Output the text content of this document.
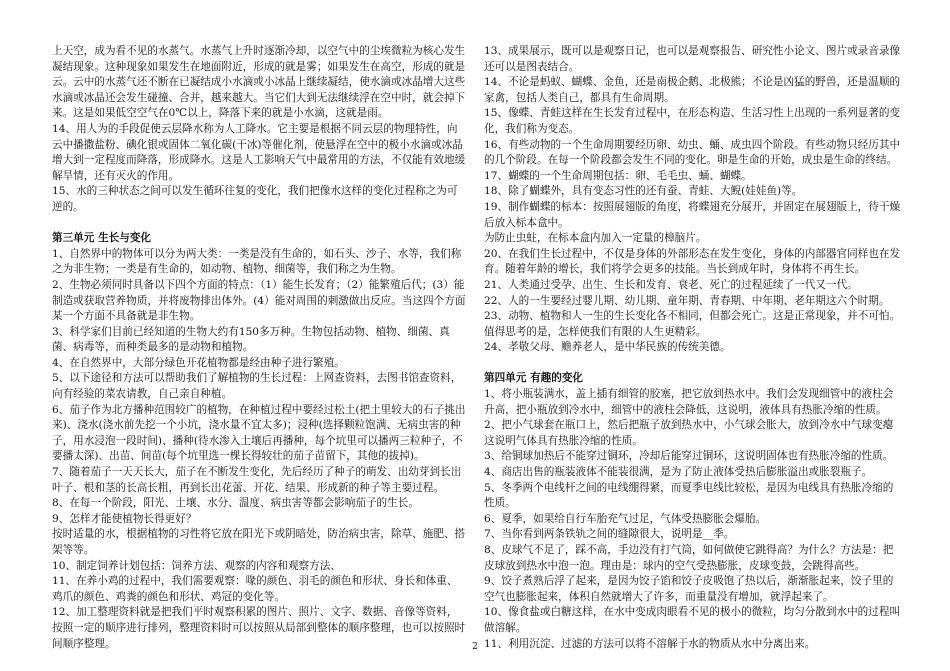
上天空，成为看不见的水蒸气。水蒸气上升时逐渐冷却，以空气中的尘埃微粒为核心发生凝结现象。这种现象如果发生在地面附近，形成的就是雾；如果发生在高空，形成的就是云。云中的水蒸气还不断在已凝结成小水滴或小冰晶上继续凝结，使水滴或冰晶增大这些水滴或冰晶还会发生碰撞、合并，越来越大。当它们大到无法继续浮在空中时，就会掉下来。这是如果低空空气在0℃以上，降落下来的就是小水滴，这就是雨。

14、用人为的手段促使云层降水称为人工降水。它主要是根据不同云层的物理特性，向云中播撒盐粉、碘化银或固体二氧化碳(干冰)等催化剂，使悬浮在空中的极小水滴或冰晶增大到一定程度而降落，形成降水。这是人工影响天气中最常用的方法，不仅能有效地缓解旱情，还有灭火的作用。

15、水的三种状态之间可以发生循环往复的变化，我们把像水这样的变化过程称之为可逆的。

第三单元 生长与变化

1、自然界中的物体可以分为两大类：一类是没有生命的，如石头、沙子、水等，我们称之为非生物；一类是有生命的，如动物、植物、细菌等，我们称之为生物。

2、生物必须同时具备以下四个方面的特点：（1）能生长发育；（2）能繁殖后代；(3）能制造或获取营养物质，并将废物排出体外。(4）能对周围的刺激做出反应。当这四个方面某一个方面不具备就是非生物。

3、科学家们目前已经知道的生物大约有150多万种。生物包括动物、植物、细菌、真菌、病毒等，而种类最多的是动物和植物。

4、在自然界中，大部分绿色开花植物都是经由种子进行繁殖。

5、以下途径和方法可以帮助我们了解植物的生长过程：上网查资料，去图书馆查资料，向有经验的菜农请教，自己亲自种植。

6、茄子作为北方播种范围较广的植物，在种植过程中要经过松土(把土里较大的石子挑出来)、浇水(浇水前先挖一个小坑，浇水量不宜太多)；浸种(选择颗粒饱满、无病虫害的种子，用水浸泡一段时间)、播种(待水渗入土壤后再播种，每个坑里可以播两三粒种子，不要播太深)、出苗、间苗(每个坑里选一棵长得较壮的茄子苗留下，其他的拔掉)。

7、随着茄子一天天长大，茄子在不断发生变化，先后经历了种子的萌发、出幼芽到长出叶子、根和茎的长高长粗，再到长出花蕾、开花、结果、形成新的种子等主要过程。

8、在每一个阶段，阳光、土壤、水分、温度、病虫害等都会影响茄子的生长。

9、怎样才能使植物长得更好？

按时适量的水，根据植物的习性将它放在阳光下或阴暗处，防治病虫害，除草、施肥、搭架等等。

10、制定饲养计划包括：饲养方法、观察的内容和观察方法、

11、在养小鸡的过程中，我们需要观察：喙的颜色、羽毛的颜色和形状、身长和体重、鸡爪的颜色、鸡粪的颜色和形状、鸡冠的变化等。

12、加工整理资料就是把我们平时观察积累的图片、照片、文字、数据、音像等资料，按照一定的顺序进行排列，整理资料时可以按照从局部到整体的顺序整理，也可以按照时间顺序整理。

13、成果展示，既可以是观察日记，也可以是观察报告、研究性小论文、图片或录音录像还可以是图表结合。

14、不论是蚂蚁、蝴蝶、金鱼，还是南极企鹅、北极熊；不论是凶猛的野兽，还是温顺的家禽，包括人类自己，都具有生命周期。

15、像蝶、青蛙这样在生长发育过程中，在形态构造、生活习性上出现的一系列显著的变化，我们称为变态。

16、有些动物的一个生命周期要经历卵、幼虫、蛹、成虫四个阶段。有些动物只经历其中的几个阶段。在每一个阶段都会发生不同的变化。卵是生命的开始，成虫是生命的终结。

17、蝴蝶的一个生命周期包括：卵、毛毛虫、蛹、蝴蝶。

18、除了蝴蝶外，具有变态习性的还有蚕、青蛙、大鲵(娃娃鱼)等。

19、制作蝴蝶的标本：按照展翅版的角度，将蝶翅充分展开，并固定在展翅版上，待干燥后放入标本盒中。

为防止虫蛀，在标本盒内加入一定量的樟脑片。

20、在我们生长过程中，不仅是身体的外部形态在发生变化，身体的内部器官同样也在发育。随着年龄的增长，我们将学会更多的技能。当长到成年时，身体将不再生长。

21、人类通过受孕、出生、生长和发育、衰老、死亡的过程延续了一代又一代。

22、人的一生要经过婴儿期、幼儿期、童年期、青春期、中年期、老年期这六个时期。

23、动物、植物和人一生的生长变化各不相同，但都会死亡。这是正常现象，并不可怕。值得思考的是，怎样使我们有限的人生更精彩。

24、孝敬父母、赡养老人，是中华民族的传统美德。

第四单元 有趣的变化

1、将小瓶装满水，盖上插有细管的胶塞，把它放到热水中。我们会发现细管中的液柱会升高，把小瓶放到冷水中，细管中的液柱会降低，这说明，液体具有热胀冷缩的性质。

2、把小气球套在瓶口上，然后把瓶子放到热水中，小气球会胀大，放到冷水中气球变瘪这说明气体具有热胀冷缩的性质。

3、给铜球加热后不能穿过铜环，冷却后能穿过铜环，这说明固体也有热胀冷缩的性质。

4、商店出售的瓶装液体不能装很满，是为了防止液体受热后膨胀溢出或胀裂瓶子。

5、冬季两个电线杆之间的电线绷得紧，而夏季电线比较松，是因为电线具有热胀冷缩的性质。

6、夏季，如果给自行车胎充气过足，气体受热膨胀会爆胎。

7、当你看到两条铁轨之间的缝隙很大，说明是__季。

8、皮球气不足了，踩不高，手边没有打气筒，如何做使它跳得高？为什么？方法是：把皮球放到热水中泡一泡。理由是：球内的空气受热膨胀，皮球变鼓，会跳得高些。

9、饺子煮熟后浮了起来，是因为饺子馅和饺子皮吸饱了热以后，渐渐胀起来，饺子里的空气也膨胀起来，体积自然就增大了许多，而重量没有增加，就浮起来了。

10、像食盐或白糖这样，在水中变成肉眼看不见的极小的微粒，均匀分散到水中的过程叫做溶解。

11、利用沉淀、过滤的方法可以将不溶解于水的物质从水中分离出来。

2
